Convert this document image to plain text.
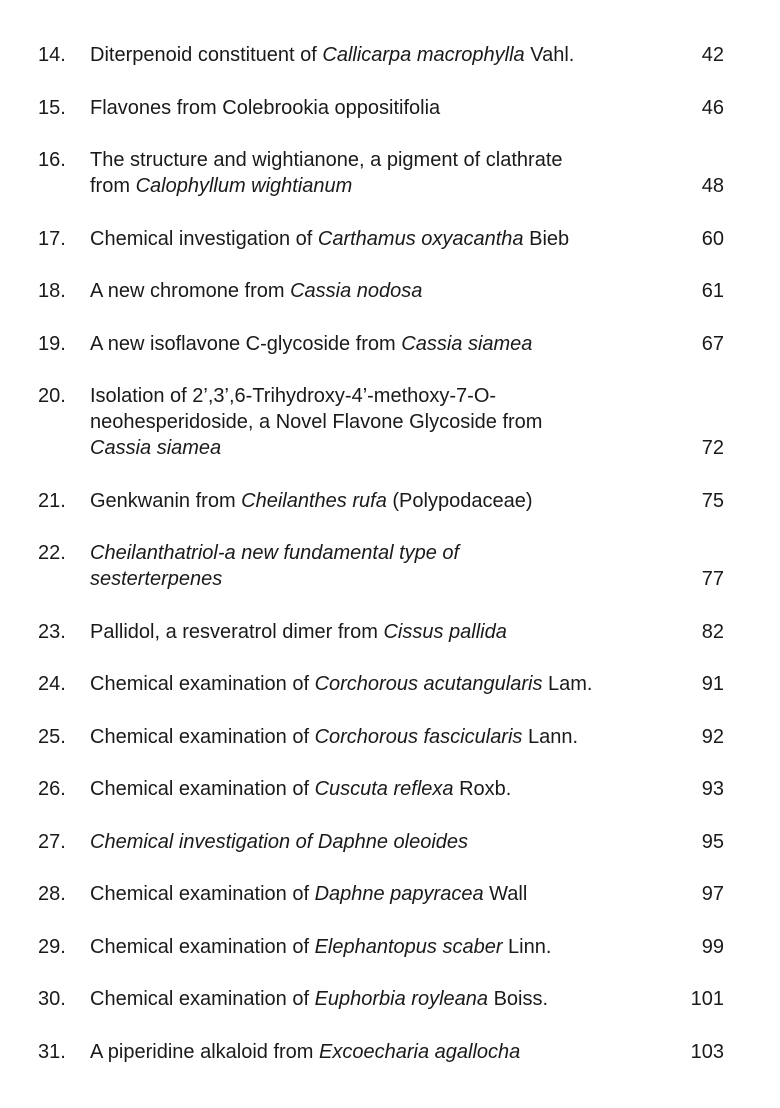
14. Diterpenoid constituent of Callicarpa macrophylla Vahl.	42
15. Flavones from Colebrookia oppositifolia	46
16. The structure and wightianone, a pigment of clathrate
from Calophyllum wightianum	48
17. Chemical investigation of Carthamus oxyacantha Bieb	60
18. A new chromone from Cassia nodosa	61
19. A new isoflavone C-glycoside from Cassia siamea	67
20. Isolation of 2’,3’,6-Trihydroxy-4’-methoxy-7-O-
neohesperidoside, a Novel Flavone Glycoside from
Cassia siamea	72
21. Genkwanin from Cheilanthes rufa (Polypodaceae)	75
22. Cheilanthatriol-a new fundamental type of
sesterterpenes	77
23. Pallidol, a resveratrol dimer from Cissus pallida	82
24. Chemical examination of Corchorous acutangularis Lam.	91
25. Chemical examination of Corchorous fascicularis Lann.	92
26. Chemical examination of Cuscuta reflexa Roxb.	93
27. Chemical investigation of Daphne oleoides	95
28. Chemical examination of Daphne papyracea Wall	97
29. Chemical examination of Elephantopus scaber Linn.	99
30. Chemical examination of Euphorbia royleana Boiss.	101
31. A piperidine alkaloid from Excoecharia agallocha	103
